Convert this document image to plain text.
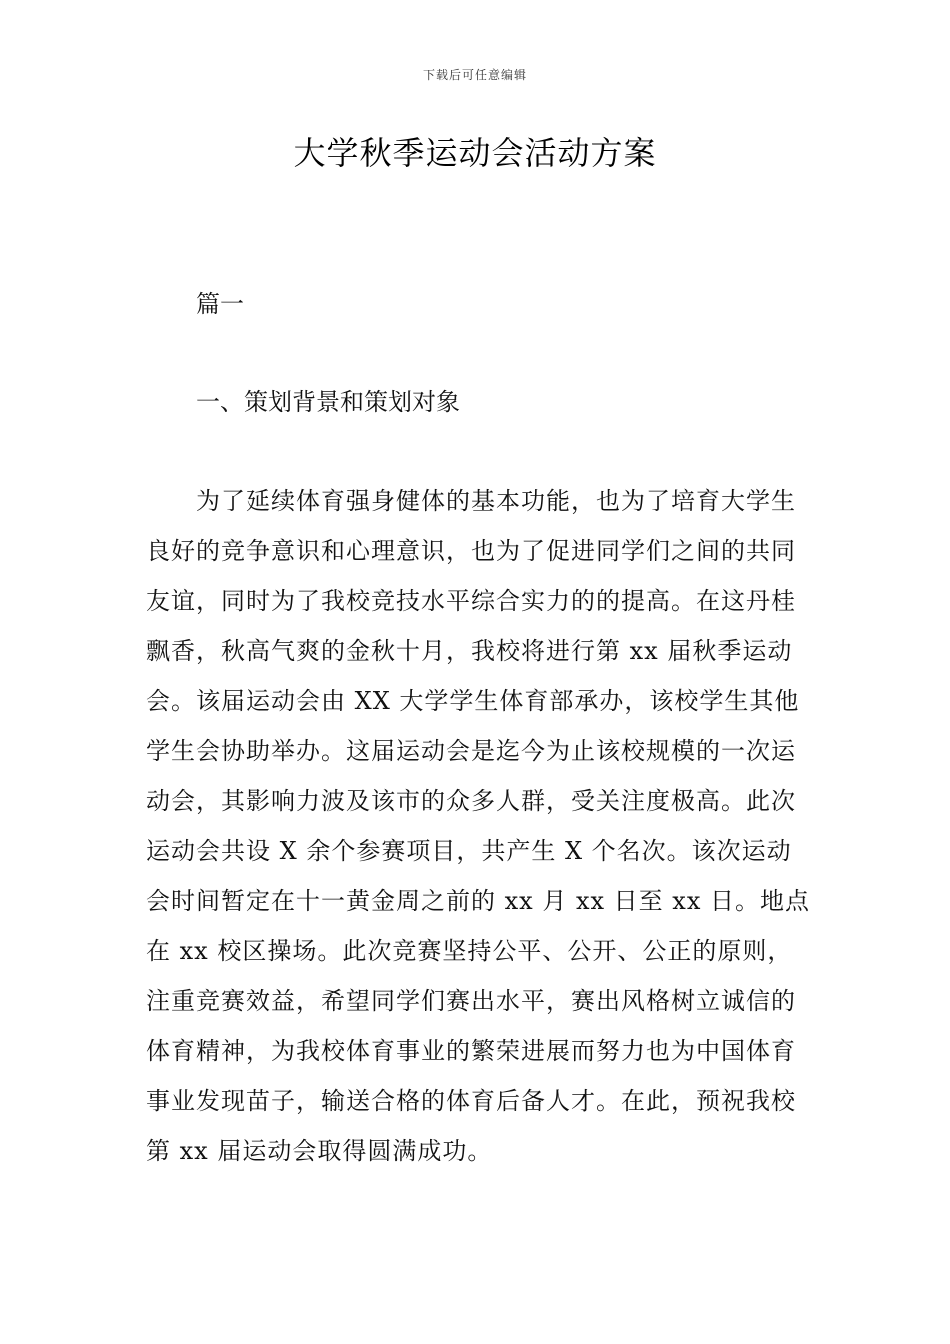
下载后可任意编辑
大学秋季运动会活动方案
篇一
一、策划背景和策划对象

为了延续体育强身健体的基本功能，也为了培育大学生良好的竞争意识和心理意识，也为了促进同学们之间的共同友谊，同时为了我校竞技水平综合实力的的提高。在这丹桂飘香，秋高气爽的金秋十月，我校将进行第 xx 届秋季运动会。该届运动会由 XX 大学学生体育部承办，该校学生其他学生会协助举办。这届运动会是迄今为止该校规模的一次运动会，其影响力波及该市的众多人群，受关注度极高。此次运动会共设 X 余个参赛项目，共产生 X 个名次。该次运动会时间暂定在十一黄金周之前的 xx 月 xx 日至 xx 日。地点在 xx 校区操场。此次竞赛坚持公平、公开、公正的原则，注重竞赛效益，希望同学们赛出水平，赛出风格树立诚信的体育精神，为我校体育事业的繁荣进展而努力也为中国体育事业发现苗子，输送合格的体育后备人才。在此，预祝我校第 xx 届运动会取得圆满成功。
